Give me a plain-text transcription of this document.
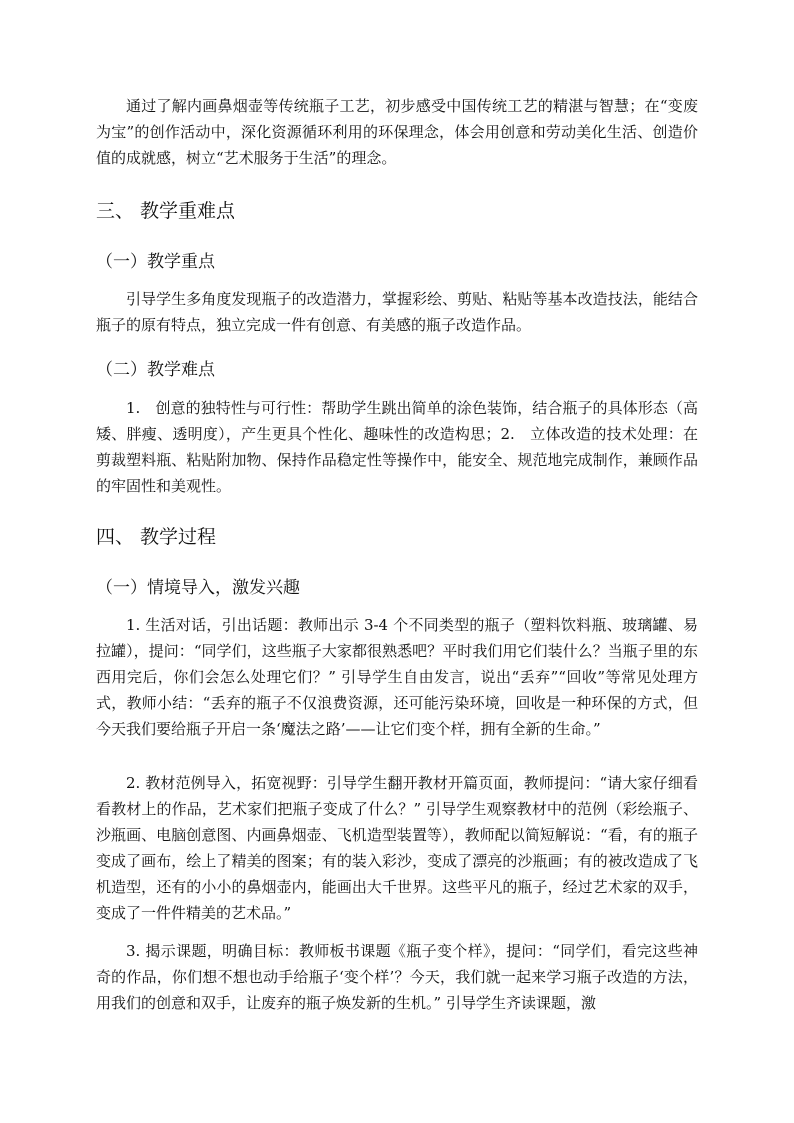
通过了解内画鼻烟壶等传统瓶子工艺，初步感受中国传统工艺的精湛与智慧；在“变废为宝”的创作活动中，深化资源循环利用的环保理念，体会用创意和劳动美化生活、创造价值的成就感，树立“艺术服务于生活”的理念。

三、 教学重难点
（一）教学重点

引导学生多角度发现瓶子的改造潜力，掌握彩绘、剪贴、粘贴等基本改造技法，能结合瓶子的原有特点，独立完成一件有创意、有美感的瓶子改造作品。

（二）教学难点

1.　创意的独特性与可行性：帮助学生跳出简单的涂色装饰，结合瓶子的具体形态（高矮、胖瘦、透明度），产生更具个性化、趣味性的改造构思；2.　立体改造的技术处理：在剪裁塑料瓶、粘贴附加物、保持作品稳定性等操作中，能安全、规范地完成制作，兼顾作品的牢固性和美观性。

四、 教学过程
（一）情境导入，激发兴趣

1. 生活对话，引出话题：教师出示 3-4 个不同类型的瓶子（塑料饮料瓶、玻璃罐、易拉罐），提问：“同学们，这些瓶子大家都很熟悉吧？平时我们用它们装什么？当瓶子里的东西用完后，你们会怎么处理它们？” 引导学生自由发言，说出“丢弃”“回收”等常见处理方式，教师小结：“丢弃的瓶子不仅浪费资源，还可能污染环境，回收是一种环保的方式，但今天我们要给瓶子开启一条‘魔法之路’——让它们变个样，拥有全新的生命。”

2. 教材范例导入，拓宽视野：引导学生翻开教材开篇页面，教师提问：“请大家仔细看看教材上的作品，艺术家们把瓶子变成了什么？” 引导学生观察教材中的范例（彩绘瓶子、沙瓶画、电脑创意图、内画鼻烟壶、飞机造型装置等），教师配以简短解说：“看，有的瓶子变成了画布，绘上了精美的图案；有的装入彩沙，变成了漂亮的沙瓶画；有的被改造成了飞机造型，还有的小小的鼻烟壶内，能画出大千世界。这些平凡的瓶子，经过艺术家的双手，变成了一件件精美的艺术品。”

3. 揭示课题，明确目标：教师板书课题《瓶子变个样》，提问：“同学们，看完这些神奇的作品，你们想不想也动手给瓶子‘变个样’？今天，我们就一起来学习瓶子改造的方法，用我们的创意和双手，让废弃的瓶子焕发新的生机。” 引导学生齐读课题，激
